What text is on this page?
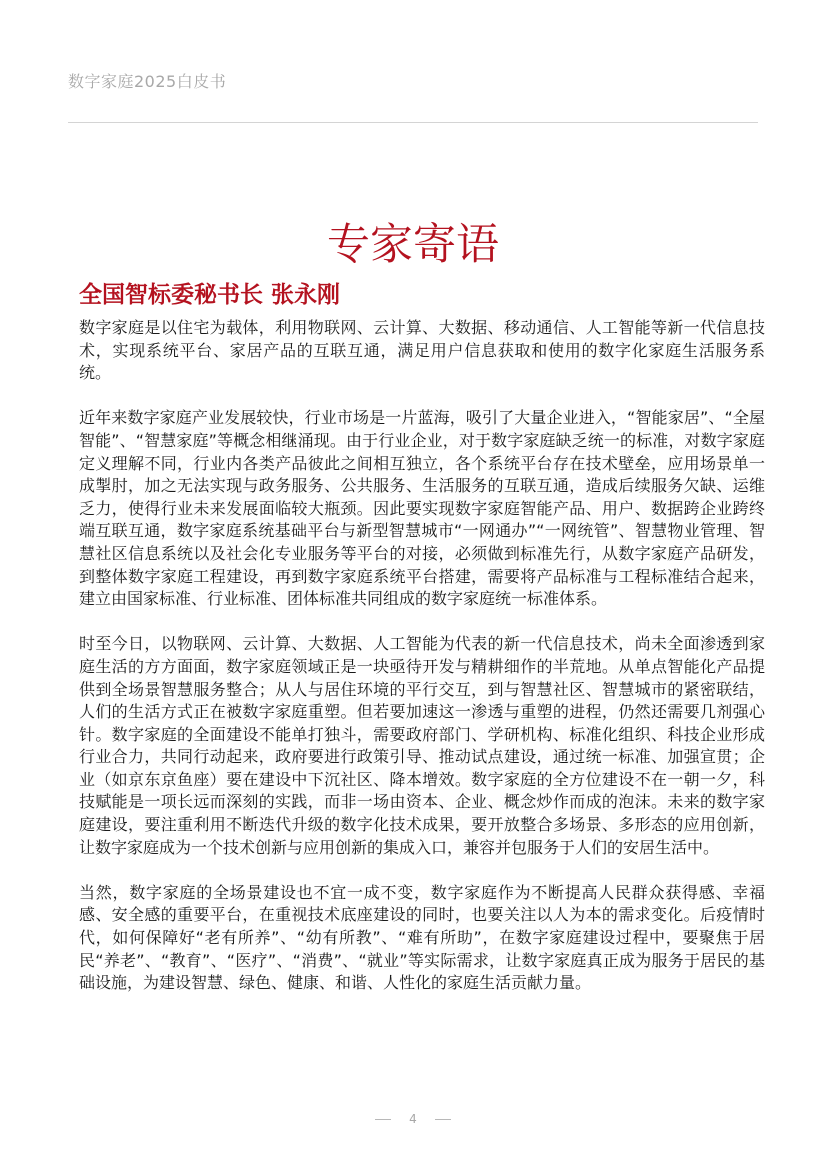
数字家庭2025白皮书
专家寄语
全国智标委秘书长 张永刚

数字家庭是以住宅为载体，利用物联网、云计算、大数据、移动通信、人工智能等新一代信息技术，实现系统平台、家居产品的互联互通，满足用户信息获取和使用的数字化家庭生活服务系统。

近年来数字家庭产业发展较快，行业市场是一片蓝海，吸引了大量企业进入，“智能家居”、“全屋智能”、“智慧家庭”等概念相继涌现。由于行业企业，对于数字家庭缺乏统一的标准，对数字家庭定义理解不同，行业内各类产品彼此之间相互独立，各个系统平台存在技术壁垒，应用场景单一成掣肘，加之无法实现与政务服务、公共服务、生活服务的互联互通，造成后续服务欠缺、运维乏力，使得行业未来发展面临较大瓶颈。因此要实现数字家庭智能产品、用户、数据跨企业跨终端互联互通，数字家庭系统基础平台与新型智慧城市“一网通办”“一网统管”、智慧物业管理、智慧社区信息系统以及社会化专业服务等平台的对接，必须做到标准先行，从数字家庭产品研发，到整体数字家庭工程建设，再到数字家庭系统平台搭建，需要将产品标准与工程标准结合起来，建立由国家标准、行业标准、团体标准共同组成的数字家庭统一标准体系。

时至今日，以物联网、云计算、大数据、人工智能为代表的新一代信息技术，尚未全面渗透到家庭生活的方方面面，数字家庭领域正是一块亟待开发与精耕细作的半荒地。从单点智能化产品提供到全场景智慧服务整合；从人与居住环境的平行交互，到与智慧社区、智慧城市的紧密联结，人们的生活方式正在被数字家庭重塑。但若要加速这一渗透与重塑的进程，仍然还需要几剂强心针。数字家庭的全面建设不能单打独斗，需要政府部门、学研机构、标准化组织、科技企业形成行业合力，共同行动起来，政府要进行政策引导、推动试点建设，通过统一标准、加强宣贯；企业（如京东京鱼座）要在建设中下沉社区、降本增效。数字家庭的全方位建设不在一朝一夕，科技赋能是一项长远而深刻的实践，而非一场由资本、企业、概念炒作而成的泡沫。未来的数字家庭建设，要注重利用不断迭代升级的数字化技术成果，要开放整合多场景、多形态的应用创新，让数字家庭成为一个技术创新与应用创新的集成入口，兼容并包服务于人们的安居生活中。

当然，数字家庭的全场景建设也不宜一成不变，数字家庭作为不断提高人民群众获得感、幸福感、安全感的重要平台，在重视技术底座建设的同时，也要关注以人为本的需求变化。后疫情时代，如何保障好“老有所养”、“幼有所教”、“难有所助”，在数字家庭建设过程中，要聚焦于居民“养老”、“教育”、“医疗”、“消费”、“就业”等实际需求，让数字家庭真正成为服务于居民的基础设施，为建设智慧、绿色、健康、和谐、人性化的家庭生活贡献力量。

4
